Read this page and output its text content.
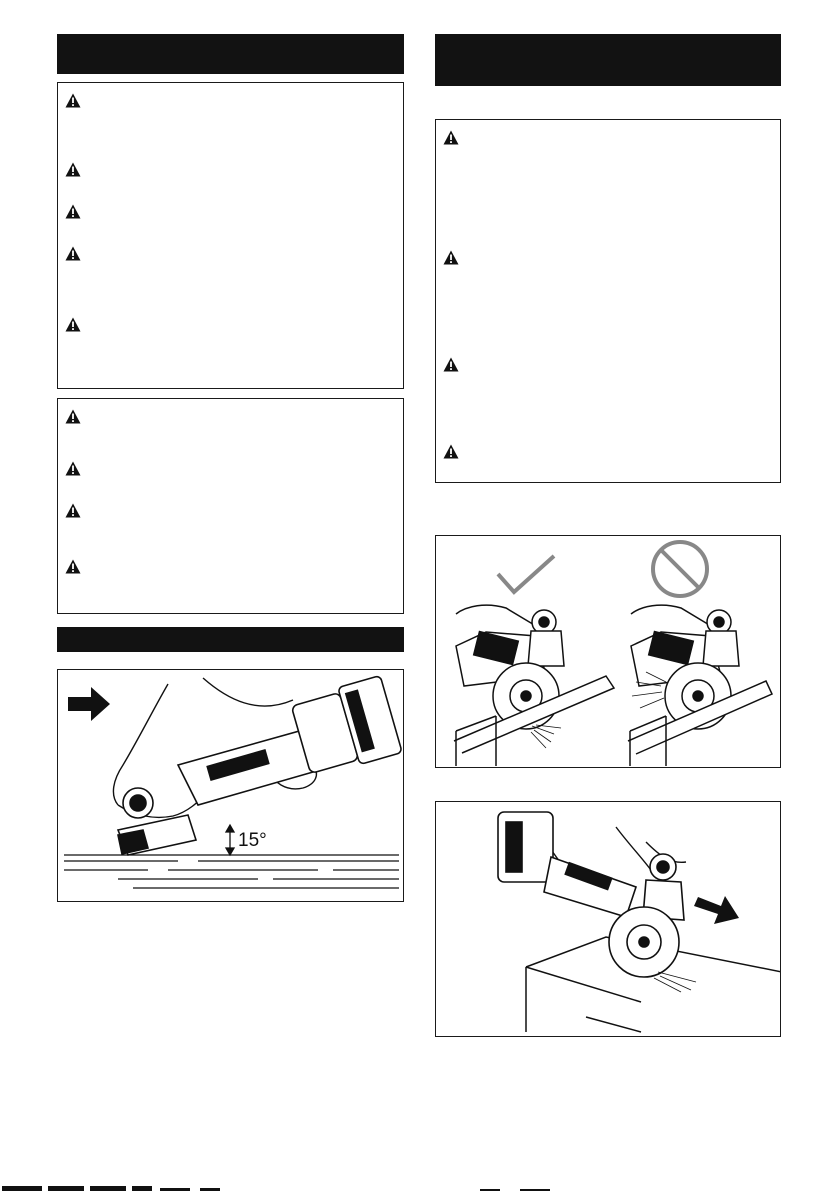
15°
